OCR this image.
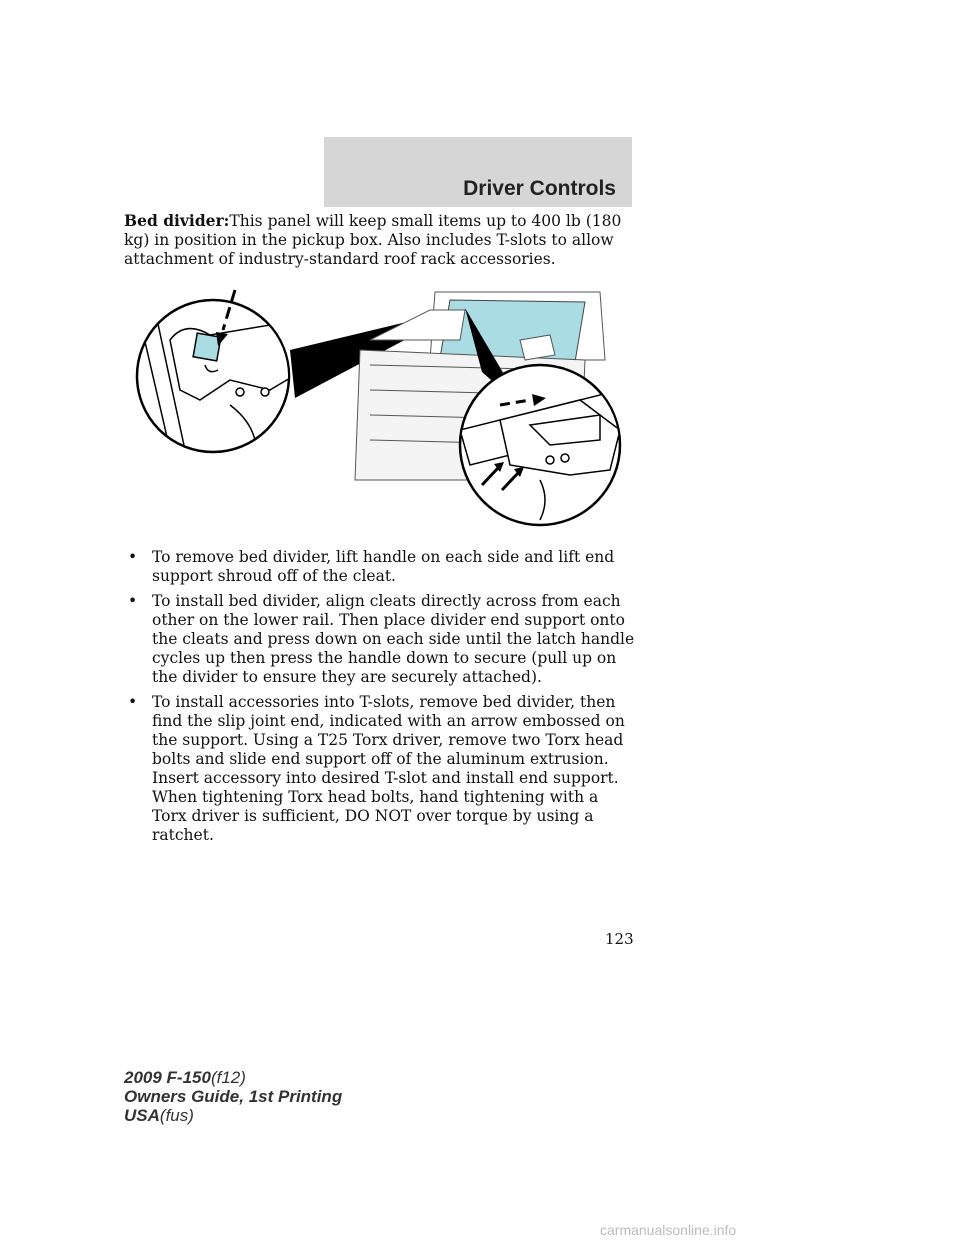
Driver Controls
Bed divider:This panel will keep small items up to 400 lb (180 kg) in position in the pickup box. Also includes T-slots to allow attachment of industry-standard roof rack accessories.
• To remove bed divider, lift handle on each side and lift end support shroud off of the cleat.
• To install bed divider, align cleats directly across from each other on the lower rail. Then place divider end support onto the cleats and press down on each side until the latch handle cycles up then press the handle down to secure (pull up on the divider to ensure they are securely attached).
• To install accessories into T-slots, remove bed divider, then find the slip joint end, indicated with an arrow embossed on the support. Using a T25 Torx driver, remove two Torx head bolts and slide end support off of the aluminum extrusion. Insert accessory into desired T-slot and install end support. When tightening Torx head bolts, hand tightening with a Torx driver is sufficient, DO NOT over torque by using a ratchet.
123
2009 F-150(f12)
Owners Guide, 1st Printing
USA(fus)
carmanualsonline.info
